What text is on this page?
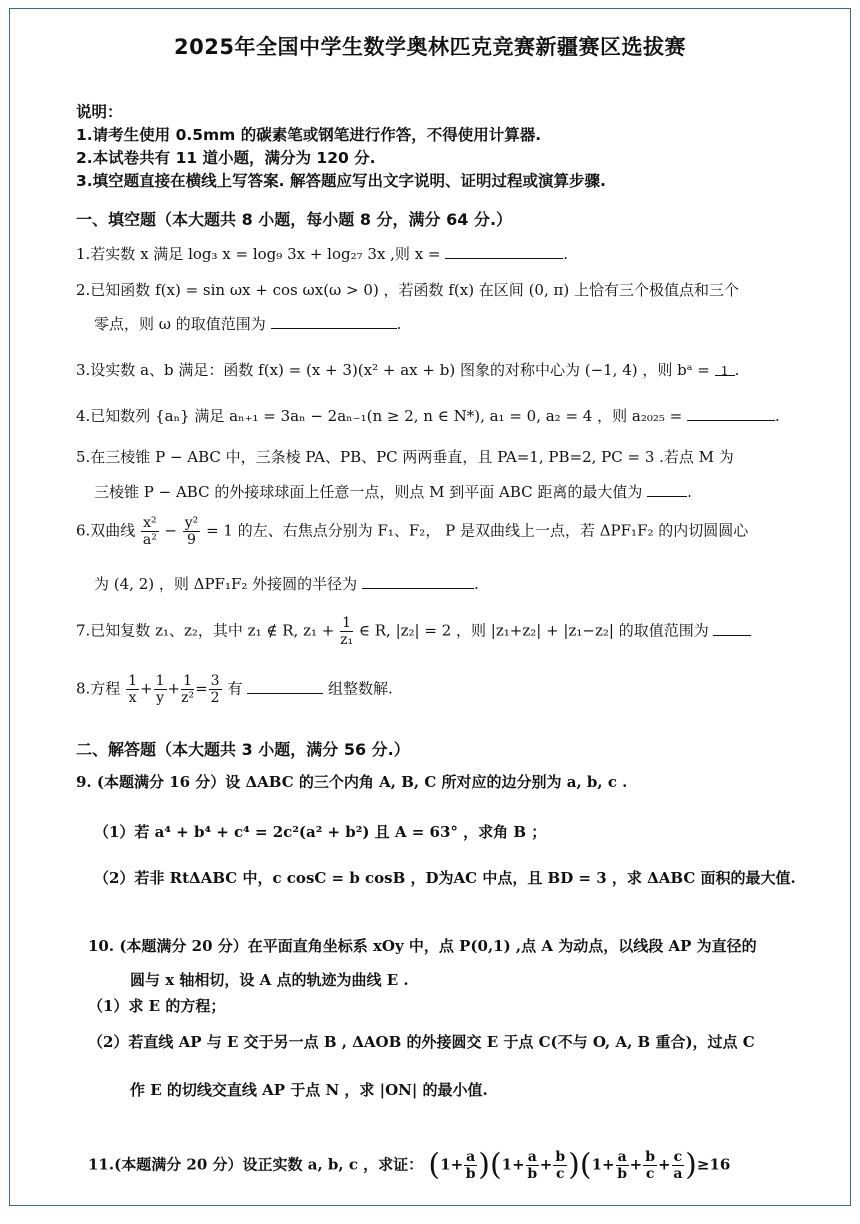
2025年全国中学生数学奥林匹克竞赛新疆赛区选拔赛
说明：
1.请考生使用 0.5mm 的碳素笔或钢笔进行作答，不得使用计算器.
2.本试卷共有 11 道小题，满分为 120 分.
3.填空题直接在横线上写答案. 解答题应写出文字说明、证明过程或演算步骤.
一、填空题（本大题共 8 小题，每小题 8 分，满分 64 分.）
1.若实数 x 满足 log₃ x = log₉ 3x + log₂₇ 3x ,则 x =	.
2.已知函数 f(x) = sin ωx + cos ωx(ω > 0) ，若函数 f(x) 在区间 (0, π) 上恰有三个极值点和三个
零点，则 ω 的取值范围为	.
3.设实数 a、b 满足：函数 f(x) = (x + 3)(x² + ax + b) 图象的对称中心为 (−1, 4) ，则 bᵃ = 1 .
4.已知数列 {aₙ} 满足 aₙ₊₁ = 3aₙ − 2aₙ₋₁(n ≥ 2, n ∈ N*), a₁ = 0, a₂ = 4 ，则 a₂₀₂₅ =	.
5.在三棱锥 P − ABC 中，三条棱 PA、PB、PC 两两垂直，且 PA=1, PB=2, PC = 3 .若点 M 为
三棱锥 P − ABC 的外接球球面上任意一点，则点 M 到平面 ABC 距离的最大值为	.
6.双曲线 $\frac{\text{x²}}{\text{a²}} - \frac{\text{y²}}{9} = 1$ 的左、右焦点分别为 F₁、F₂， P 是双曲线上一点，若 ΔPF₁F₂ 的内切圆圆心
为 (4, 2) ，则 ΔPF₁F₂ 外接圆的半径为	.
7.已知复数 z₁、z₂，其中 z₁ ∉ R, $z_1 + \frac{1}{\text{z₁}}$ ∈ R, |z₂| = 2 ，则 |z₁+z₂| + |z₁−z₂| 的取值范围为
8.方程 $\frac{1}{x} + \frac{1}{y} + \frac{1}{\text{z²}} = \frac{3}{2}$ 有	组整数解.
二、解答题（本大题共 3 小题，满分 56 分.）
9. (本题满分 16 分）设 ΔABC 的三个内角 A, B, C 所对应的边分别为 a, b, c .
（1）若 a⁴ + b⁴ + c⁴ = 2c²(a² + b²) 且 A = 63° ，求角 B ；
（2）若非 RtΔABC 中，c cosC = b cosB ，D为AC 中点，且 BD = 3 ，求 ΔABC 面积的最大值.
10. (本题满分 20 分）在平面直角坐标系 xOy 中，点 P(0,1) ,点 A 为动点，以线段 AP 为直径的
圆与 x 轴相切，设 A 点的轨迹为曲线 E .
（1）求 E 的方程；
（2）若直线 AP 与 E 交于另一点 B , ΔAOB 的外接圆交 E 于点 C(不与 O, A, B 重合)，过点 C
作 E 的切线交直线 AP 于点 N ，求 |ON| 的最小值.
11.(本题满分 20 分）设正实数 a, b, c ，求证： $(1+ \frac{a}{b} )(1+ \frac{a}{b} + \frac{b}{c} )(1+ \frac{a}{b} + \frac{b}{c} + \frac{c}{a} )\ge 16$
